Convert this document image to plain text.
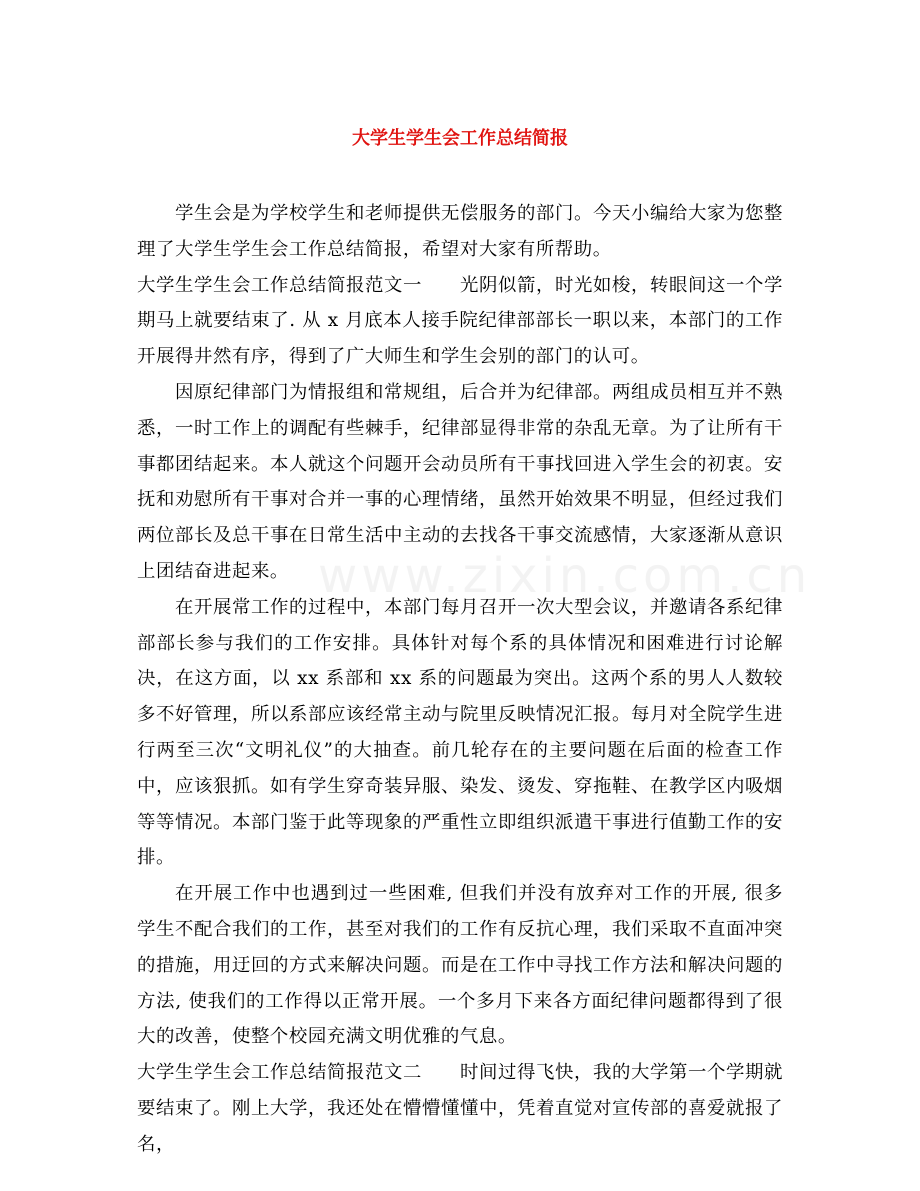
www.zixin.com.cn
大学生学生会工作总结简报

学生会是为学校学生和老师提供无偿服务的部门。今天小编给大家为您整理了大学生学生会工作总结简报，希望对大家有所帮助。

大学生学生会工作总结简报范文一 光阴似箭，时光如梭，转眼间这一个学期马上就要结束了. 从 x 月底本人接手院纪律部部长一职以来，本部门的工作开展得井然有序，得到了广大师生和学生会别的部门的认可。

因原纪律部门为情报组和常规组，后合并为纪律部。两组成员相互并不熟悉，一时工作上的调配有些棘手，纪律部显得非常的杂乱无章。为了让所有干事都团结起来。本人就这个问题开会动员所有干事找回进入学生会的初衷。安抚和劝慰所有干事对合并一事的心理情绪，虽然开始效果不明显，但经过我们两位部长及总干事在日常生活中主动的去找各干事交流感情，大家逐渐从意识上团结奋进起来。

在开展常工作的过程中，本部门每月召开一次大型会议，并邀请各系纪律部部长参与我们的工作安排。具体针对每个系的具体情况和困难进行讨论解决，在这方面，以 xx 系部和 xx 系的问题最为突出。这两个系的男人人数较多不好管理，所以系部应该经常主动与院里反映情况汇报。每月对全院学生进行两至三次“文明礼仪”的大抽查。前几轮存在的主要问题在后面的检查工作中，应该狠抓。如有学生穿奇装异服、染发、烫发、穿拖鞋、在教学区内吸烟等等情况。本部门鉴于此等现象的严重性立即组织派遣干事进行值勤工作的安排。

在开展工作中也遇到过一些困难, 但我们并没有放弃对工作的开展, 很多学生不配合我们的工作，甚至对我们的工作有反抗心理，我们采取不直面冲突的措施，用迂回的方式来解决问题。而是在工作中寻找工作方法和解决问题的方法, 使我们的工作得以正常开展。一个多月下来各方面纪律问题都得到了很大的改善，使整个校园充满文明优雅的气息。

大学生学生会工作总结简报范文二 时间过得飞快，我的大学第一个学期就要结束了。刚上大学，我还处在懵懵懂懂中，凭着直觉对宣传部的喜爱就报了名，
